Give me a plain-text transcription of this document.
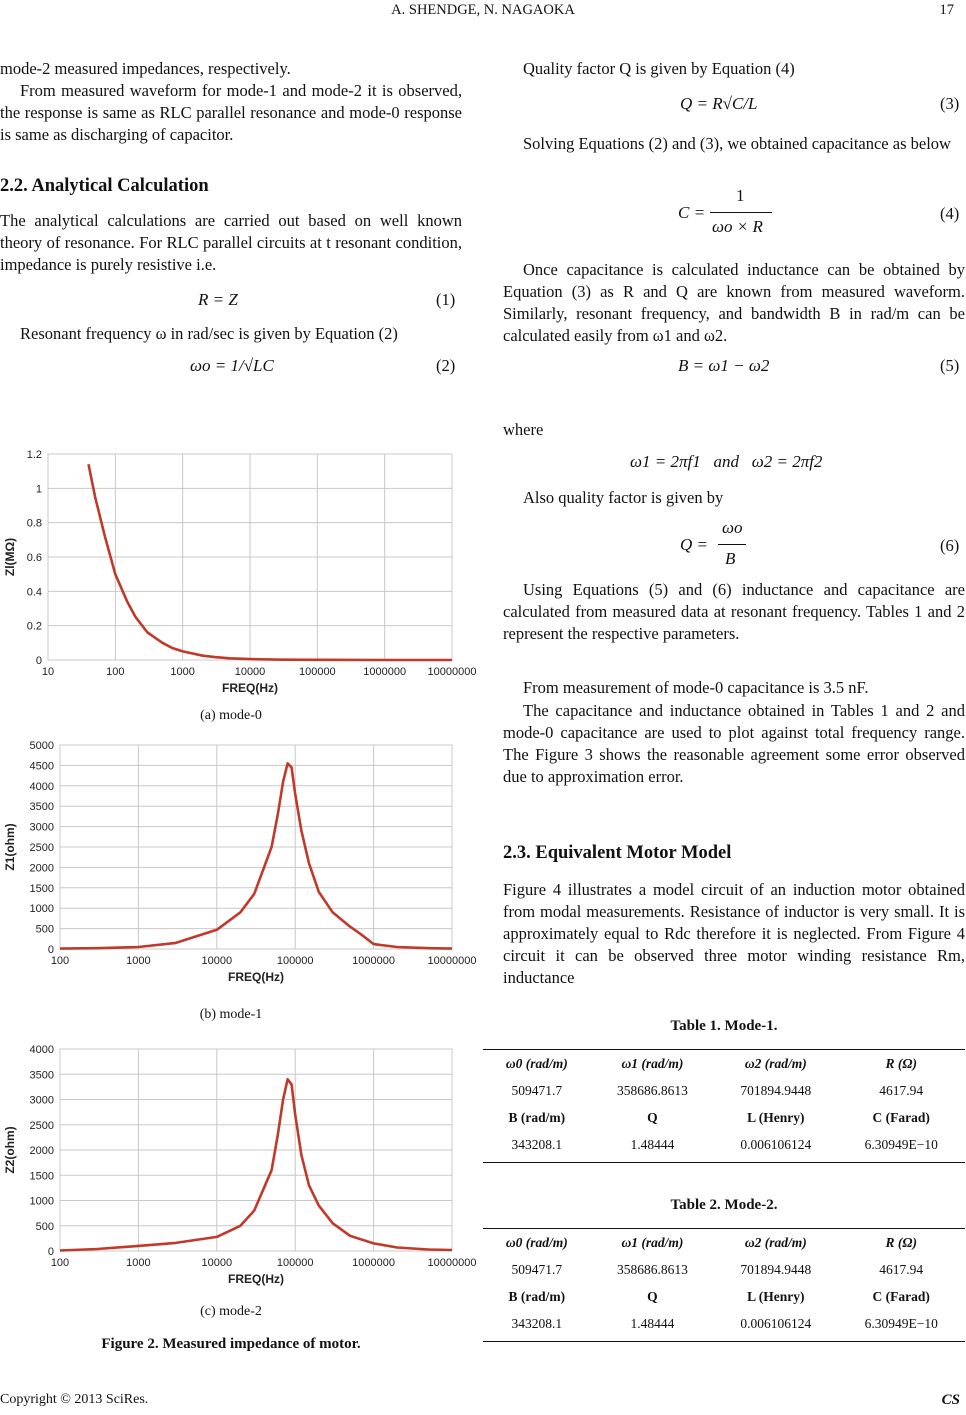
A. SHENDGE, N. NAGAOKA	17
mode-2 measured impedances, respectively.
From measured waveform for mode-1 and mode-2 it is observed, the response is same as RLC parallel resonance and mode-0 response is same as discharging of capacitor.
2.2. Analytical Calculation
The analytical calculations are carried out based on well known theory of resonance. For RLC parallel circuits at t resonant condition, impedance is purely resistive i.e.
R = Z	(1)
Resonant frequency ω in rad/sec is given by Equation (2)
ωo = 1/√LC	(2)
0
0.2
0.4
0.6
0.8
1
1.2
10	100	1000	10000	100000	1000000 10000000
FREQ(Hz)
Zl(MΩ)
(a) mode-0
0
500
1000
1500
2000
2500
3000
3500
4000
4500
5000
100	1000	10000	100000	1000000	10000000
FREQ(Hz)
Z1(ohm)
(b) mode-1
0
500
1000
1500
2000
2500
3000
3500
4000
100	1000	10000	100000	1000000	10000000
FREQ(Hz)
Z2(ohm)
(c) mode-2
Figure 2. Measured impedance of motor.
Quality factor Q is given by Equation (4)
Q = R√C/L	(3)
Solving Equations (2) and (3), we obtained capacitance as below
C =
1
ωo × R
(4)
Once capacitance is calculated inductance can be obtained by Equation (3) as R and Q are known from measured waveform. Similarly, resonant frequency, and bandwidth B in rad/m can be calculated easily from ω1 and ω2.
B = ω1 − ω2	(5)
where
ω1 = 2πf1   and   ω2 = 2πf2
Also quality factor is given by
Q =
ωo
B
(6)
Using Equations (5) and (6) inductance and capacitance are calculated from measured data at resonant frequency. Tables 1 and 2 represent the respective parameters.
From measurement of mode-0 capacitance is 3.5 nF.
The capacitance and inductance obtained in Tables 1 and 2 and mode-0 capacitance are used to plot against total frequency range. The Figure 3 shows the reasonable agreement some error observed due to approximation error.
2.3. Equivalent Motor Model
Figure 4 illustrates a model circuit of an induction motor obtained from modal measurements. Resistance of inductor is very small. It is approximately equal to Rdc therefore it is neglected. From Figure 4 circuit it can be observed three motor winding resistance Rm, inductance
Table 1. Mode-1.
ω0 (rad/m)	ω1 (rad/m)	ω2 (rad/m)	R (Ω)
509471.7	358686.8613	701894.9448	4617.94
B (rad/m)	Q	L (Henry)	C (Farad)
343208.1	1.48444	0.006106124	6.30949E−10
Table 2. Mode-2.
ω0 (rad/m)	ω1 (rad/m)	ω2 (rad/m)	R (Ω)
509471.7	358686.8613	701894.9448	4617.94
B (rad/m)	Q	L (Henry)	C (Farad)
343208.1	1.48444	0.006106124	6.30949E−10
Copyright © 2013 SciRes.	CS
